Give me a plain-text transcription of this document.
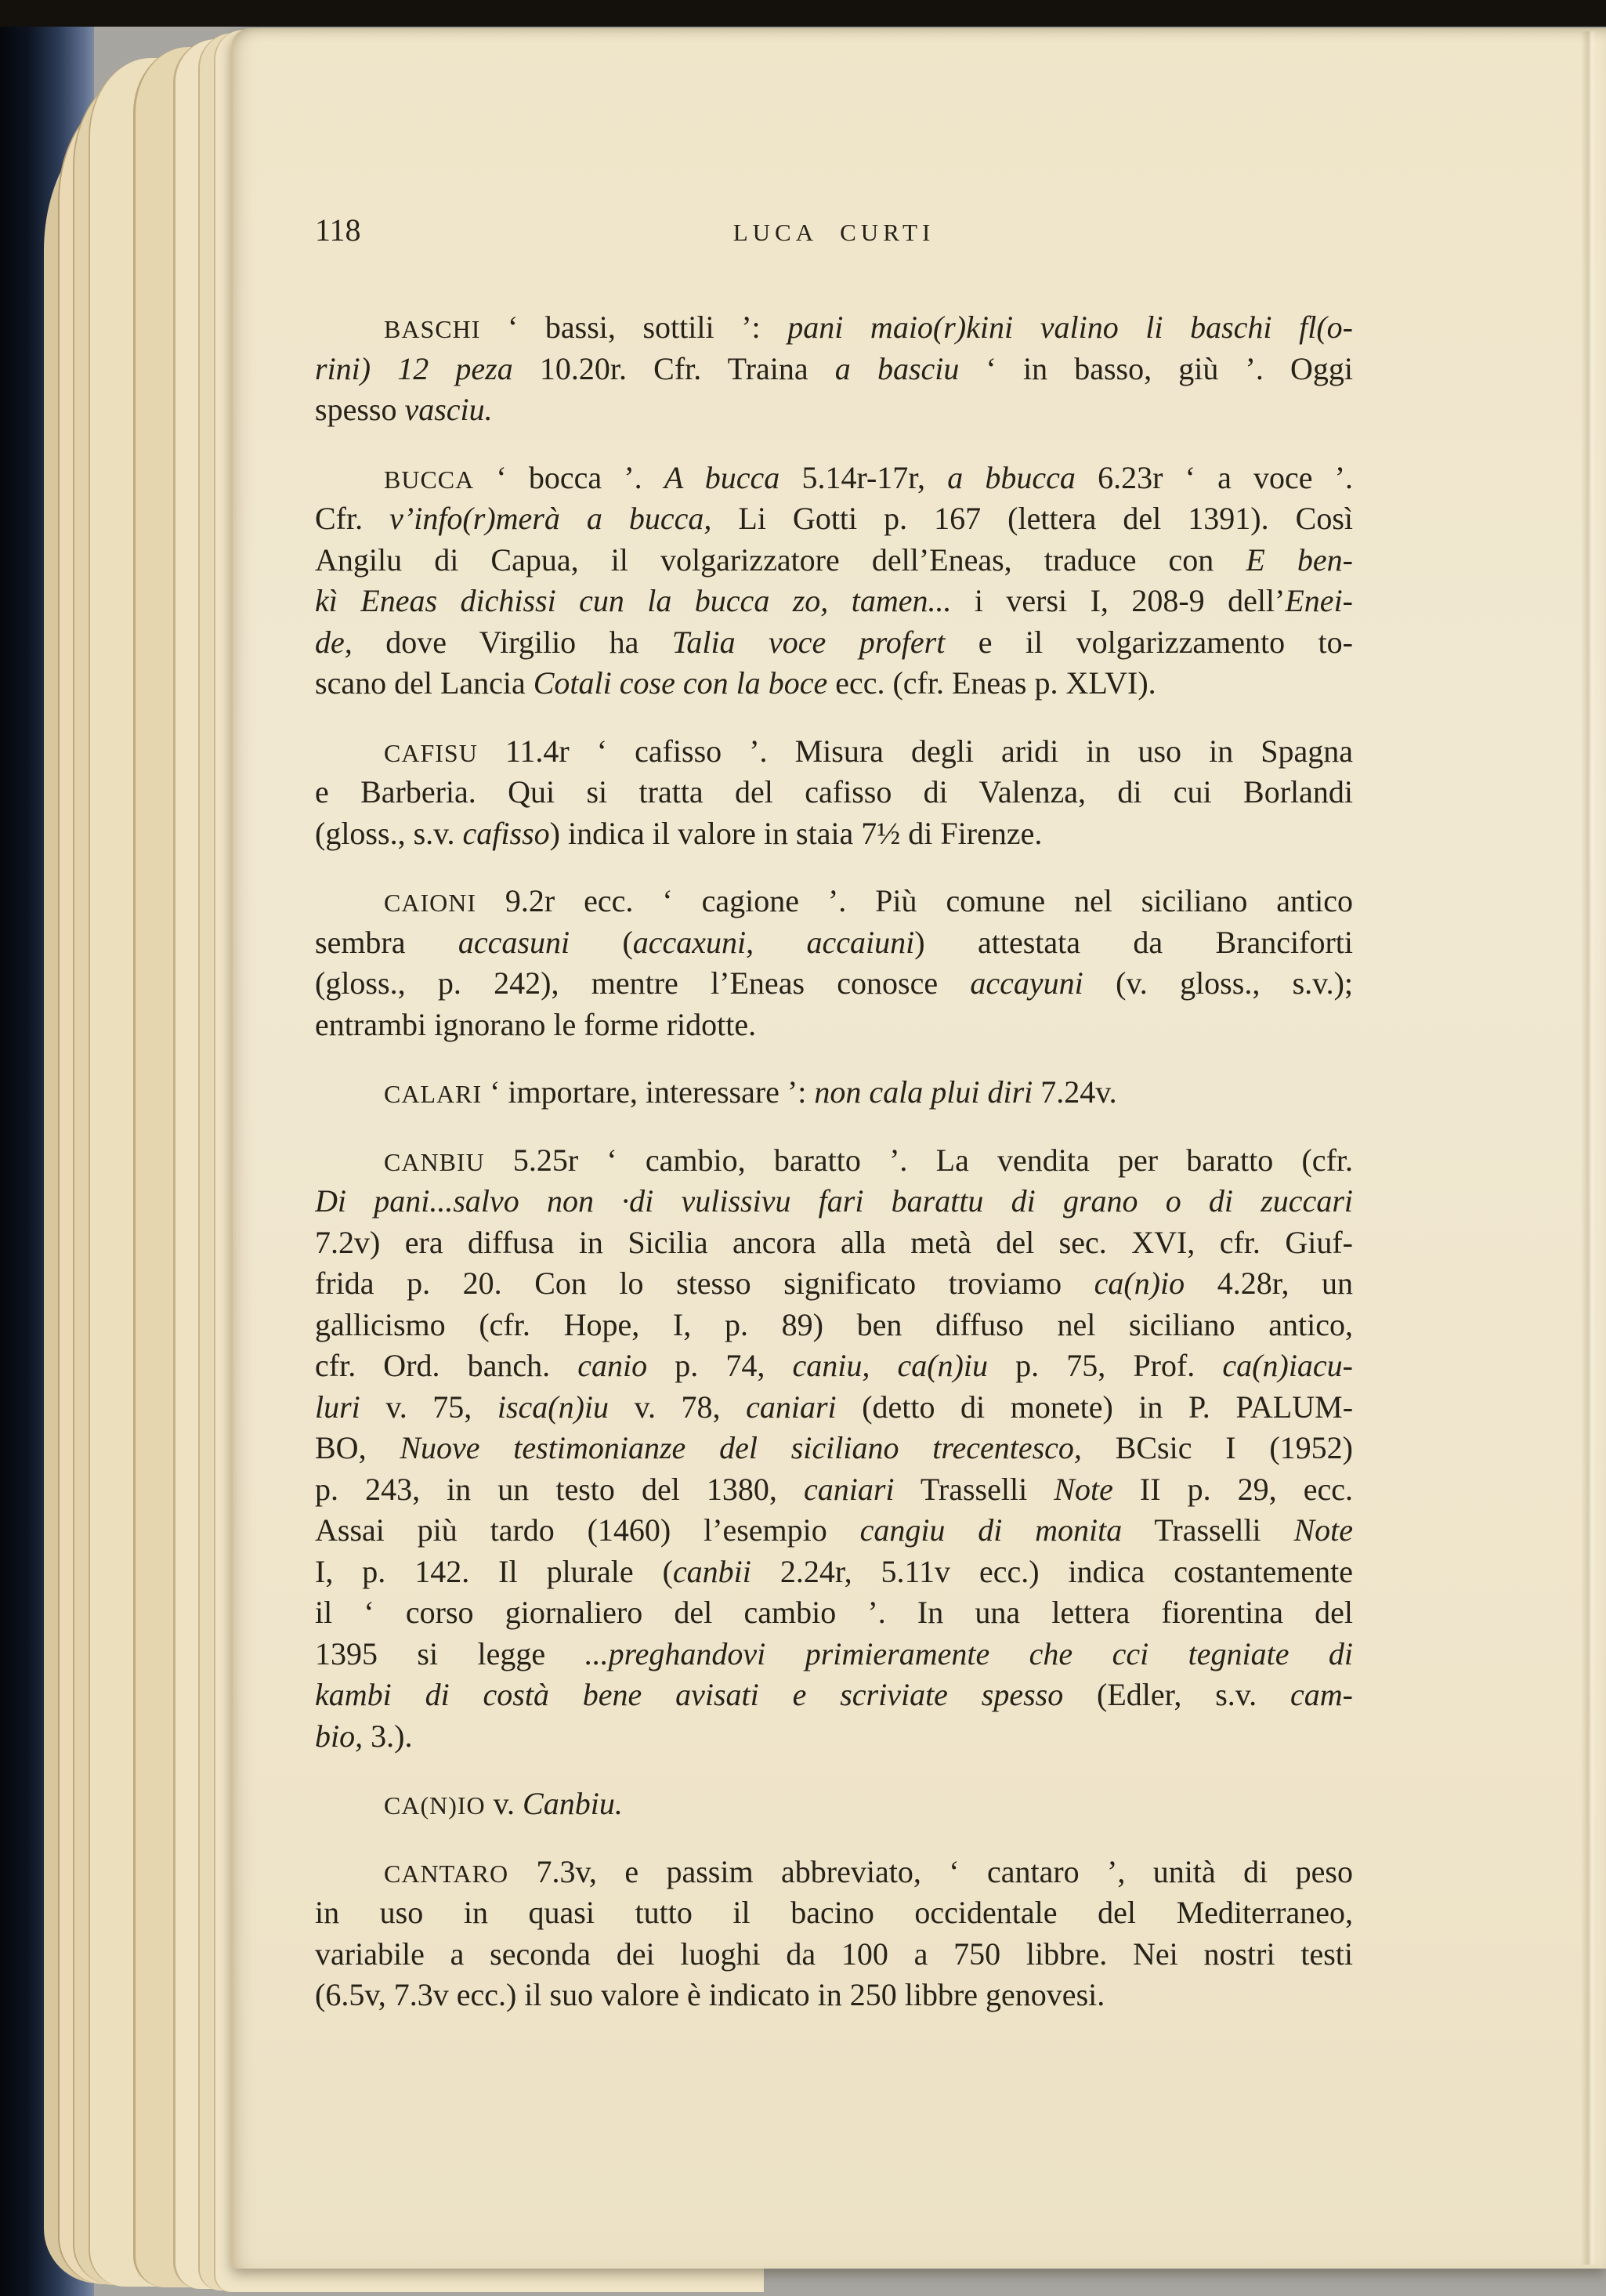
118	LUCA CURTI
BASCHI ‘ bassi, sottili ’: pani maio(r)kini valino li baschi fl(o-
rini) 12 peza 10.20r. Cfr. Traina a basciu ‘ in basso, giù ’. Oggi
spesso vasciu.
BUCCA ‘ bocca ’. A bucca 5.14r-17r, a bbucca 6.23r ‘ a voce ’.
Cfr. v’info(r)merà a bucca, Li Gotti p. 167 (lettera del 1391). Così
Angilu di Capua, il volgarizzatore dell’Eneas, traduce con E ben-
kì Eneas dichissi cun la bucca zo, tamen... i versi I, 208-9 dell’Enei-
de, dove Virgilio ha Talia voce profert e il volgarizzamento to-
scano del Lancia Cotali cose con la boce ecc. (cfr. Eneas p. XLVI).
CAFISU 11.4r ‘ cafisso ’. Misura degli aridi in uso in Spagna
e Barberia. Qui si tratta del cafisso di Valenza, di cui Borlandi
(gloss., s.v. cafisso) indica il valore in staia 7½ di Firenze.
CAIONI 9.2r ecc. ‘ cagione ’. Più comune nel siciliano antico
sembra accasuni (accaxuni, accaiuni) attestata da Branciforti
(gloss., p. 242), mentre l’Eneas conosce accayuni (v. gloss., s.v.);
entrambi ignorano le forme ridotte.
CALARI ‘ importare, interessare ’: non cala plui diri 7.24v.
CANBIU 5.25r ‘ cambio, baratto ’. La vendita per baratto (cfr.
Di pani...salvo non ·di vulissivu fari barattu di grano o di zuccari
7.2v) era diffusa in Sicilia ancora alla metà del sec. XVI, cfr. Giuf-
frida p. 20. Con lo stesso significato troviamo ca(n)io 4.28r, un
gallicismo (cfr. Hope, I, p. 89) ben diffuso nel siciliano antico,
cfr. Ord. banch. canio p. 74, caniu, ca(n)iu p. 75, Prof. ca(n)iacu-
luri v. 75, isca(n)iu v. 78, caniari (detto di monete) in P. PALUM-
BO, Nuove testimonianze del siciliano trecentesco, BCsic I (1952)
p. 243, in un testo del 1380, caniari Trasselli Note II p. 29, ecc.
Assai più tardo (1460) l’esempio cangiu di monita Trasselli Note
I, p. 142. Il plurale (canbii 2.24r, 5.11v ecc.) indica costantemente
il ‘ corso giornaliero del cambio ’. In una lettera fiorentina del
1395 si legge ...preghandovi primieramente che cci tegniate di
kambi di costà bene avisati e scriviate spesso (Edler, s.v. cam-
bio, 3.).
CA(N)IO v. Canbiu.
CANTARO 7.3v, e passim abbreviato, ‘ cantaro ’, unità di peso
in uso in quasi tutto il bacino occidentale del Mediterraneo,
variabile a seconda dei luoghi da 100 a 750 libbre. Nei nostri testi
(6.5v, 7.3v ecc.) il suo valore è indicato in 250 libbre genovesi.
